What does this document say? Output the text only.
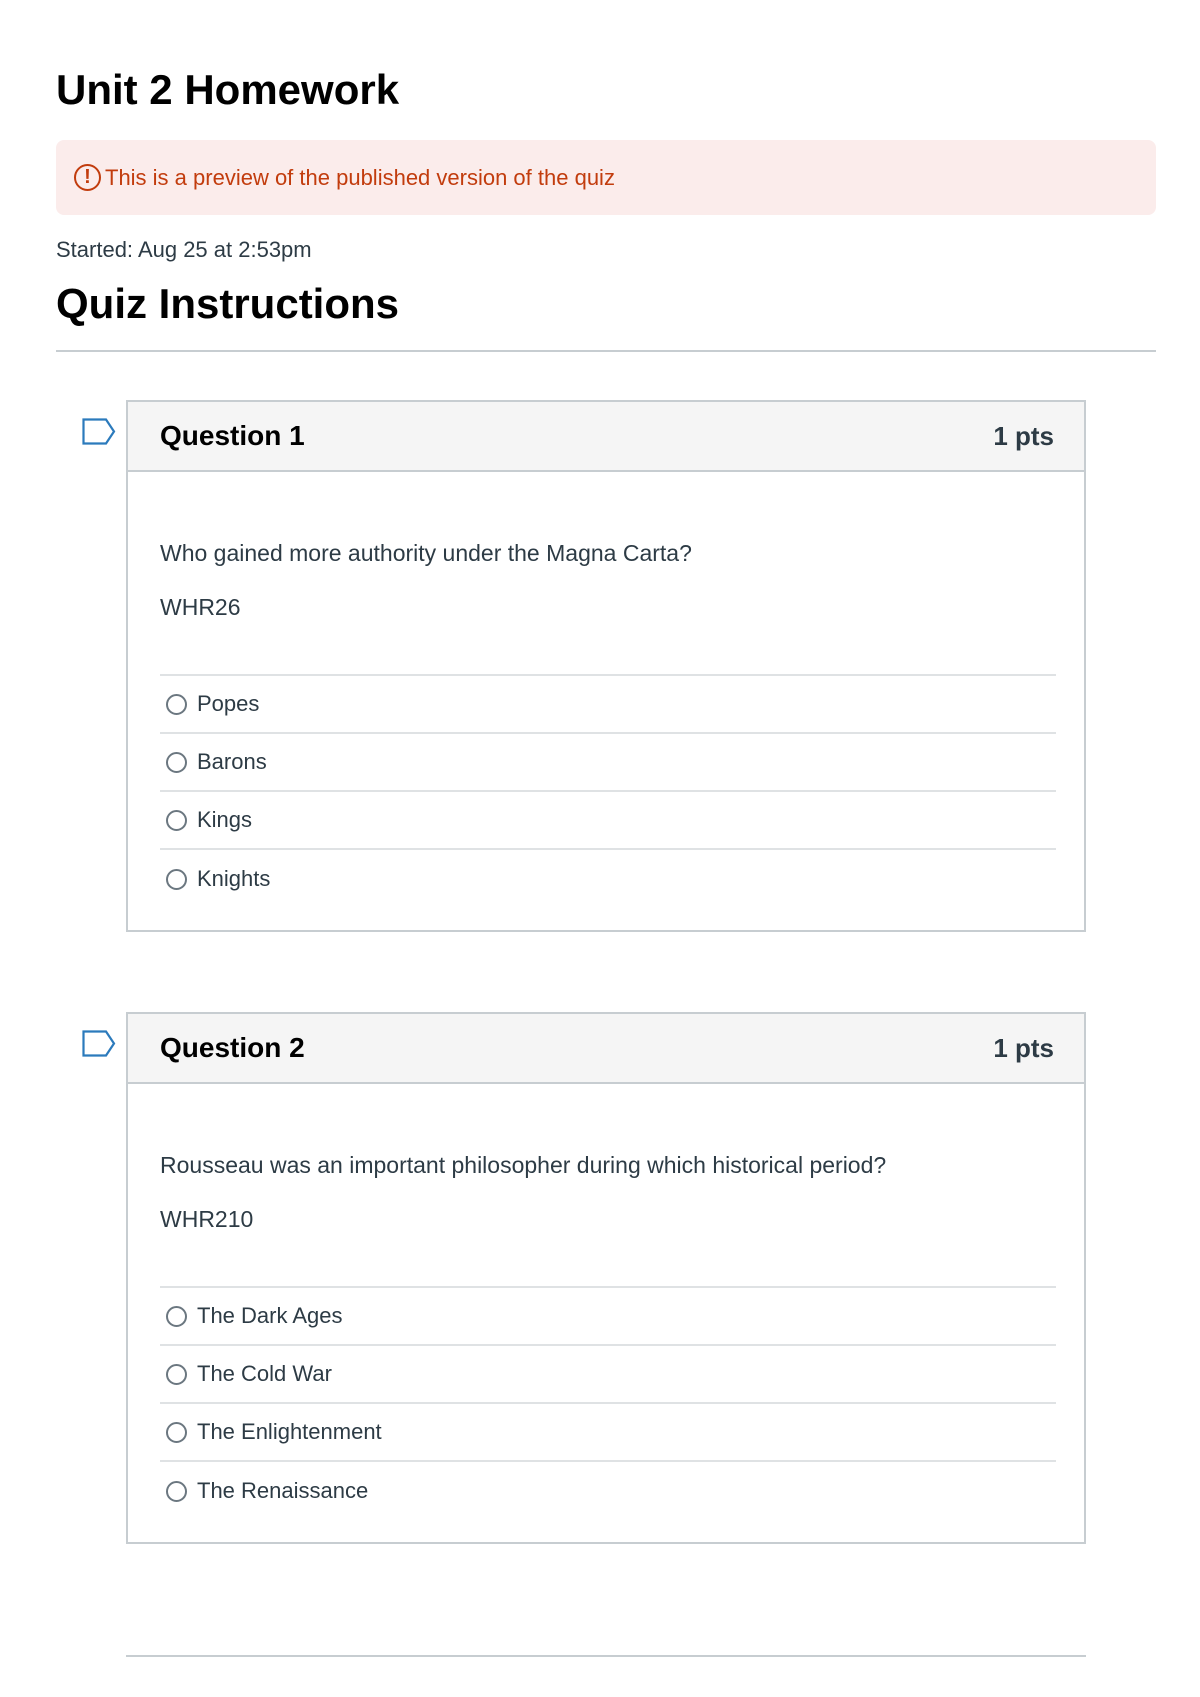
Unit 2 Homework
! This is a preview of the published version of the quiz
Started: Aug 25 at 2:53pm
Quiz Instructions
Question 1	1 pts
Who gained more authority under the Magna Carta?
WHR26
Popes
Barons
Kings
Knights
Question 2	1 pts
Rousseau was an important philosopher during which historical period?
WHR210
The Dark Ages
The Cold War
The Enlightenment
The Renaissance
